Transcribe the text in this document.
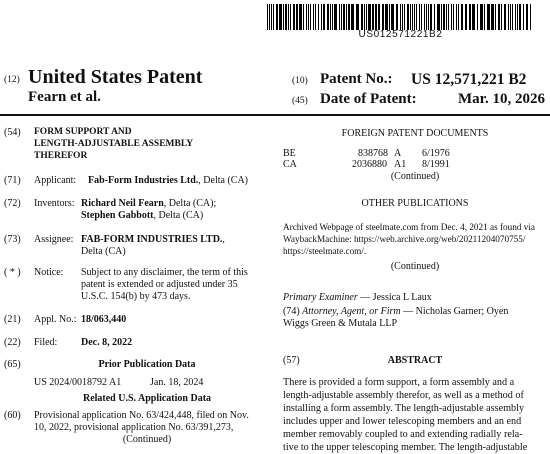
US012571221B2
(12) United States Patent
Fearn et al.
(10) Patent No.: US 12,571,221 B2
(45) Date of Patent:	Mar. 10, 2026
(54) FORM SUPPORT AND
LENGTH-ADJUSTABLE ASSEMBLY
THEREFOR
(71) Applicant: Fab-Form Industries Ltd., Delta (CA)
(72) Inventors: Richard Neil Fearn, Delta (CA);
Stephen Gabbott, Delta (CA)
(73) Assignee: FAB-FORM INDUSTRIES LTD.,
Delta (CA)
( * ) Notice: Subject to any disclaimer, the term of this
patent is extended or adjusted under 35
U.S.C. 154(b) by 473 days.
(21) Appl. No.: 18/063,440
(22) Filed: Dec. 8, 2022
(65)	Prior Publication Data
US 2024/0018792 A1	Jan. 18, 2024
Related U.S. Application Data
(60) Provisional application No. 63/424,448, filed on Nov.
10, 2022, provisional application No. 63/391,273,
(Continued)
FOREIGN PATENT DOCUMENTS
BE	838768 A 6/1976
CA	2036880 A1 8/1991
(Continued)
OTHER PUBLICATIONS
Archived Webpage of steelmate.com from Dec. 4, 2021 as found via
WaybackMachine: https://web.archive.org/web/20211204070755/
https://steelmate.com/.
(Continued)
Primary Examiner — Jessica L Laux
(74) Attorney, Agent, or Firm — Nicholas Garner; Oyen
Wiggs Green & Mutala LLP
(57)	ABSTRACT
There is provided a form support, a form assembly and a
length-adjustable assembly therefor, as well as a method of
installing a form assembly. The length-adjustable assembly
includes upper and lower telescoping members and an end
member removably coupled to and extending radially rela-
tive to the upper telescoping member. The length-adjustable
